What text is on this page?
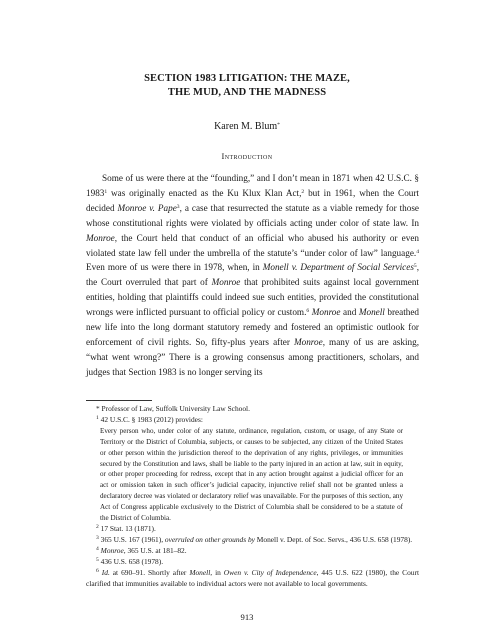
SECTION 1983 LITIGATION: THE MAZE,
THE MUD, AND THE MADNESS
Karen M. Blum*
Introduction

Some of us were there at the “founding,” and I don’t mean in 1871 when 42 U.S.C. § 1983$^1$ was originally enacted as the Ku Klux Klan Act,$^2$ but in 1961, when the Court decided Monroe v. Pape$^3$, a case that resurrected the statute as a viable remedy for those whose constitutional rights were violated by officials acting under color of state law. In Monroe, the Court held that conduct of an official who abused his authority or even violated state law fell under the umbrella of the statute’s “under color of law” language.$^4$ Even more of us were there in 1978, when, in Monell v. Department of Social Services$^5$, the Court overruled that part of Monroe that prohibited suits against local government entities, holding that plaintiffs could indeed sue such entities, provided the constitutional wrongs were inflicted pursuant to official policy or custom.$^6$ Monroe and Monell breathed new life into the long dormant statutory remedy and fostered an optimistic outlook for enforcement of civil rights. So, fifty-plus years after Monroe, many of us are asking, “what went wrong?” There is a growing consensus among practitioners, scholars, and judges that Section 1983 is no longer serving its

* Professor of Law, Suffolk University Law School.

$^1$ 42 U.S.C. § 1983 (2012) provides:

Every person who, under color of any statute, ordinance, regulation, custom, or usage, of any State or Territory or the District of Columbia, subjects, or causes to be subjected, any citizen of the United States or other person within the jurisdiction thereof to the deprivation of any rights, privileges, or immunities secured by the Constitution and laws, shall be liable to the party injured in an action at law, suit in equity, or other proper proceeding for redress, except that in any action brought against a judicial officer for an act or omission taken in such officer’s judicial capacity, injunctive relief shall not be granted unless a declaratory decree was violated or declaratory relief was unavailable. For the purposes of this section, any Act of Congress applicable exclusively to the District of Columbia shall be considered to be a statute of the District of Columbia.

$^2$ 17 Stat. 13 (1871).

$^3$ 365 U.S. 167 (1961), overruled on other grounds by Monell v. Dept. of Soc. Servs., 436 U.S. 658 (1978).

$^4$ Monroe, 365 U.S. at 181–82.

$^5$ 436 U.S. 658 (1978).

$^6$ Id. at 690–91. Shortly after Monell, in Owen v. City of Independence, 445 U.S. 622 (1980), the Court clarified that immunities available to individual actors were not available to local governments.

913
